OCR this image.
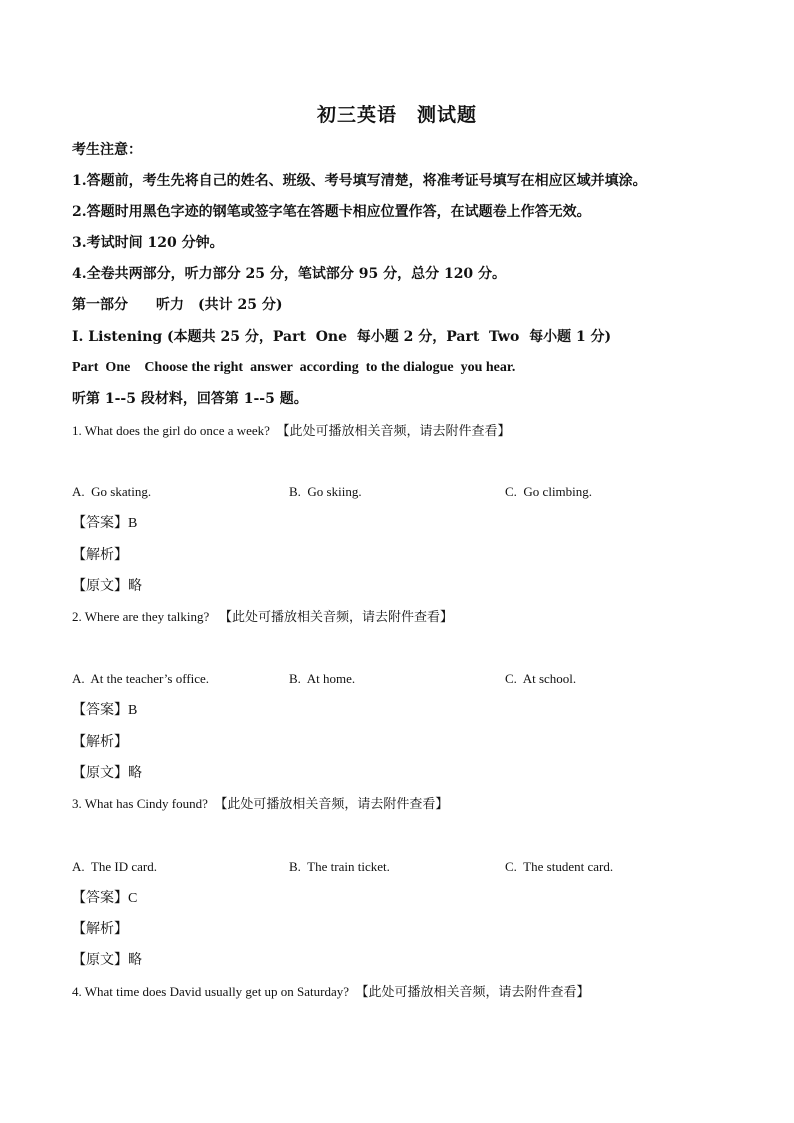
初三英语　测试题
考生注意：
1.答题前，考生先将自己的姓名、班级、考号填写清楚，将准考证号填写在相应区域并填涂。
2.答题时用黑色字迹的钢笔或签字笔在答题卡相应位置作答，在试题卷上作答无效。
3.考试时间 120 分钟。
4.全卷共两部分，听力部分 25 分，笔试部分 95 分，总分 120 分。
第一部分　　听力　(共计 25 分)
Ⅰ. Listening (本题共 25 分，Part  One  每小题 2 分，Part  Two  每小题 1 分)
Part  One    Choose the right  answer  according  to the dialogue  you hear.
听第 1--5 段材料，回答第 1--5 题。
1. What does the girl do once a week?  【此处可播放相关音频，请去附件查看】
A.  Go skating.	B.  Go skiing.	C.  Go climbing.
【答案】B
【解析】
【原文】略
2. Where are they talking?   【此处可播放相关音频，请去附件查看】
A.  At the teacher’s office.	B.  At home.	C.  At school.
【答案】B
【解析】
【原文】略
3. What has Cindy found?  【此处可播放相关音频，请去附件查看】
A.  The ID card.	B.  The train ticket.	C.  The student card.
【答案】C
【解析】
【原文】略
4. What time does David usually get up on Saturday?  【此处可播放相关音频，请去附件查看】
